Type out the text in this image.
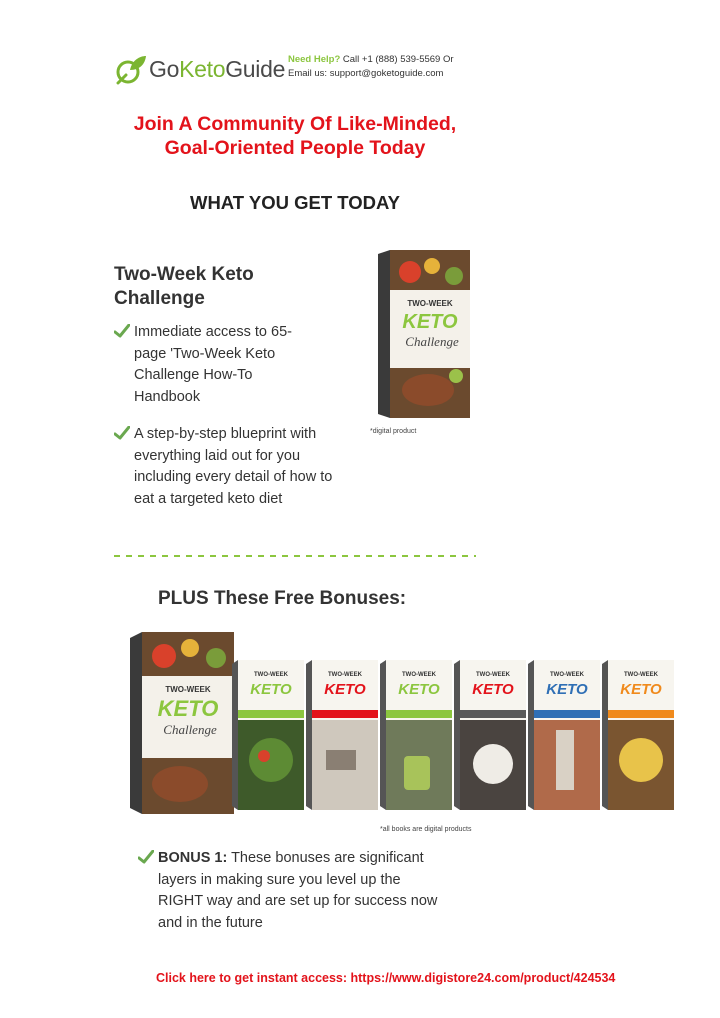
GoKetoGuide Need Help? Call +1 (888) 539-5569 Or
Email us: support@goketoguide.com
Join A Community Of Like-Minded,
Goal-Oriented People Today
WHAT YOU GET TODAY
Two-Week Keto
Challenge
Immediate access to 65-page 'Two-Week Keto Challenge How-To Handbook
A step-by-step blueprint with everything laid out for you including every detail of how to eat a targeted keto diet
TWO-WEEK
KETO
Challenge
*digital product
PLUS These Free Bonuses:
TWO-WEEK
KETO
Challenge
TWO-WEEK
KETO
TWO-WEEK
KETO
TWO-WEEK
KETO
TWO-WEEK
KETO
TWO-WEEK
KETO
TWO-WEEK
KETO
*all books are digital products
BONUS 1: These bonuses are significant layers in making sure you level up the RIGHT way and are set up for success now and in the future
Click here to get instant access: https://www.digistore24.com/product/424534
